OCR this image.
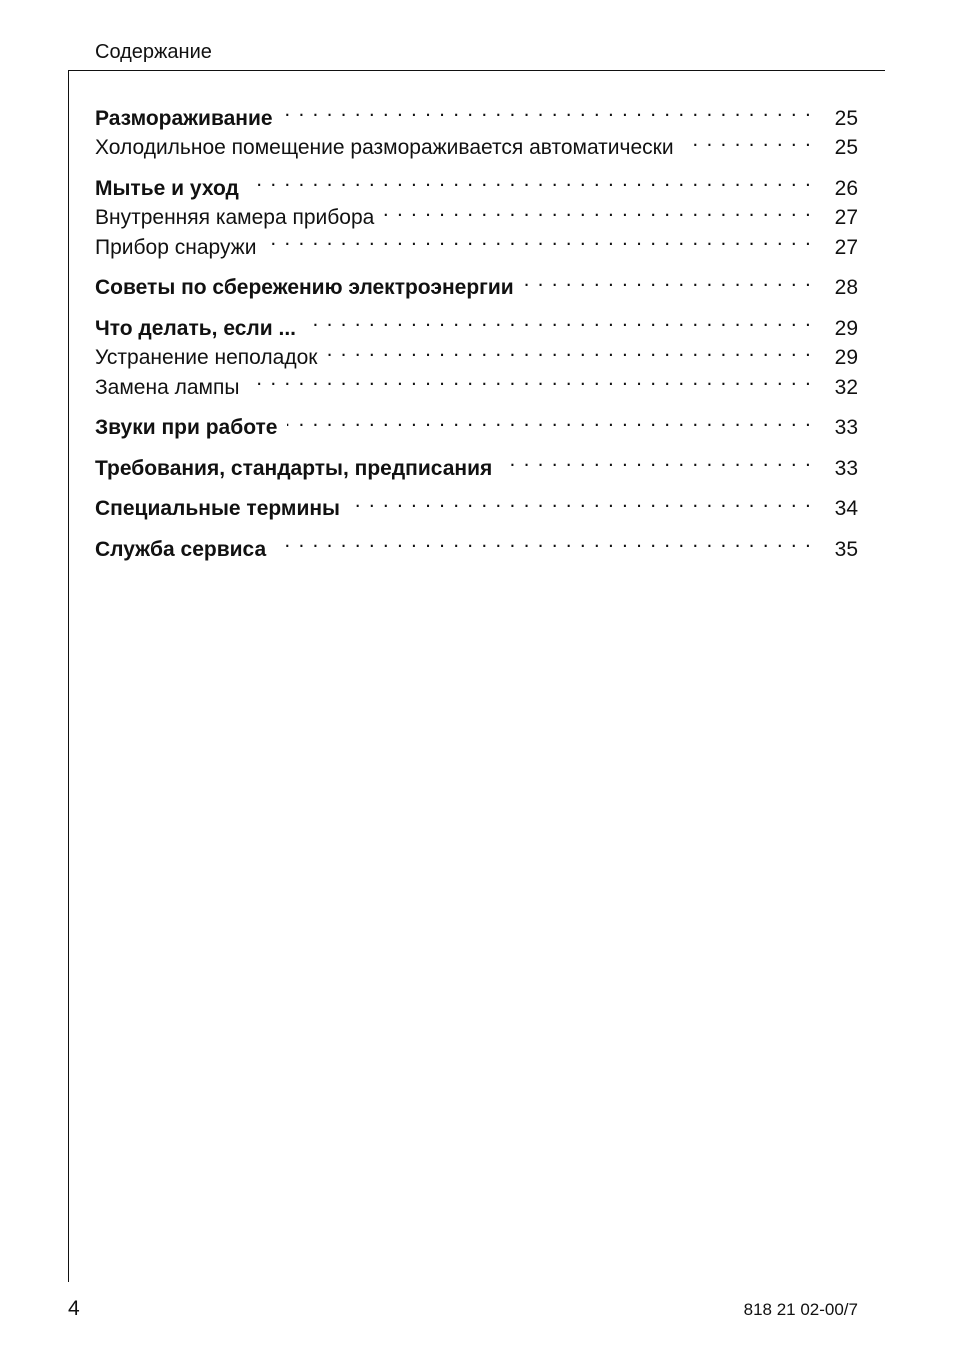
Содержание
Размораживание . . .	25
Холодильное помещение размораживается автоматически . . .	25
Мытье и уход . . .	26
Внутренняя камера прибора . . .	27
Прибор снаружи . . .	27
Советы по сбережению электроэнергии . . .	28
Что делать, если ... . . .	29
Устранение неполадок . . .	29
Замена лампы . . .	32
Звуки при работе . . .	33
Требования, стандарты, предписания . . .	33
Специальные термины . . .	34
Служба сервиса . . .	35
4	818 21 02-00/7
